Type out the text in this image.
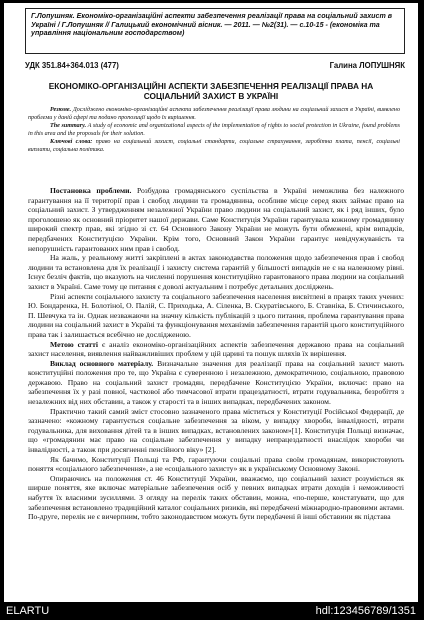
Г.Лопушняк. Економіко-організаційні аспекти забезпечення реалізації права на соціальний захист в Україні / Г.Лопушняк // Галицький економічний вісник. — 2011. — №2(31). — с.10-15 - (економіка та управління національним господарством)
УДК 351.84+364.013 (477)	Галина ЛОПУШНЯК
ЕКОНОМІКО-ОРГАНІЗАЦІЙНІ АСПЕКТИ ЗАБЕЗПЕЧЕННЯ РЕАЛІЗАЦІЇ ПРАВА НА СОЦІАЛЬНИЙ ЗАХИСТ В УКРАЇНІ
Резюме. Досліджено економіко-організаційні аспекти забезпечення реалізації права людини на соціальний захист в Україні, виявлено проблеми у даній сфері та подано пропозиції щодо їх вирішення.
The summary. A study of economic and organizational aspects of the implementation of rights to social protection in Ukraine, found problems in this area and the proposals for their solution.
Ключові слова: право на соціальний захист, соціальні стандарти, соціальне страхування, заробітна плата, пенсії, соціальні виплати, соціальна політика.

Постановка проблеми. Розбудова громадянського суспільства в Україні неможлива без належного гарантування на її території прав і свобод людини та громадянина, особливе місце серед яких займає право на соціальний захист. З утвердженням незалежної України право людини на соціальний захист, як і ряд інших, було проголошено як основний пріоритет нашої держави. Саме Конституція України гарантувала кожному громадянину широкий спектр прав, які згідно зі ст. 64 Основного Закону України не можуть бути обмежені, крім випадків, передбачених Конституцією України. Крім того, Основний Закон України гарантує невідчужуваність та непорушність гарантованих ним прав і свобод.

На жаль, у реальному житті закріплені в актах законодавства положення щодо забезпечення прав і свобод людини та встановлена для їх реалізації і захисту система гарантій у більшості випадків не є на належному рівні. Існує безліч фактів, що вказують на численні порушення конституційно гарантованого права людини на соціальний захист в Україні. Саме тому це питання є доволі актуальним і потребує детальних досліджень.

Різні аспекти соціального захисту та соціального забезпечення населення висвітлені в працях таких учених: Ю. Бондаренка, Н. Болотіної, О. Палій, С. Приходька, А. Сіленка, В. Скуратівського, Б. Ставніка, Б. Стичинського, П. Шевчука та ін. Однак незважаючи на значну кількість публікацій з цього питання, проблема гарантування права людини на соціальний захист в Україні та функціонування механізмів забезпечення гарантій цього конституційного права так і залишається всебічно не дослідженою.

Метою статті є аналіз економіко-організаційних аспектів забезпечення державою права на соціальний захист населення, виявлення найважливіших проблем у цій царині та пошук шляхів їх вирішення.

Виклад основного матеріалу. Визначальне значення для реалізації права на соціальний захист мають конституційні положення про те, що Україна є суверенною і незалежною, демократичною, соціальною, правовою державою. Право на соціальний захист громадян, передбачене Конституцією України, включає: право на забезпечення їх у разі повної, часткової або тимчасової втрати працездатності, втрати годувальника, безробіття з незалежних від них обставин, а також у старості та в інших випадках, передбачених законом.

Практично такий самий зміст стосовно зазначеного права міститься у Конституції Російської Федерації, де зазначено: «кожному гарантується соціальне забезпечення за віком, у випадку хвороби, інвалідності, втрати годувальника, для виховання дітей та в інших випадках, встановлених законом»[1]. Конституція Польщі визначає, що «громадянин має право на соціальне забезпечення у випадку непрацездатності внаслідок хвороби чи інвалідності, а також при досягненні пенсійного віку» [2].

Як бачимо, Конституції Польщі та РФ, гарантуючи соціальні права своїм громадянам, використовують поняття «соціального забезпечення», а не «соціального захисту» як в українському Основному Законі.

Опираючись на положення ст. 46 Конституції України, вважаємо, що соціальний захист розуміється як ширше поняття, яке включає матеріальне забезпечення осіб у певних випадках втрати доходів і неможливості набуття їх власними зусиллями. З огляду на перелік таких обставин, можна, «по-перше, констатувати, що для забезпечення встановлено традиційний каталог соціальних ризиків, які передбачені міжнародно-правовими актами. По-друге, перелік не є вичерпним, тобто законодавством можуть бути передбачені й інші обставини як підстава

ELARTU	hdl:123456789/1351
